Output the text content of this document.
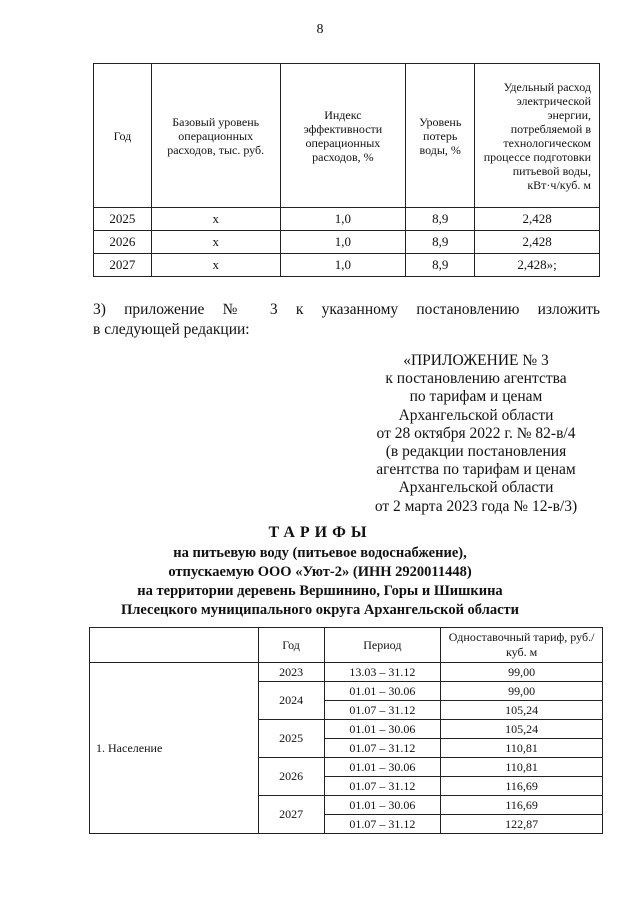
8
Год	Базовый уровень операционных расходов, тыс. руб.	Индекс эффективности операционных расходов, %	Уровень потерь воды, %	Удельный расход электрической энергии, потребляемой в технологическом процессе подготовки питьевой воды, кВт·ч/куб. м
2025	х	1,0	8,9	2,428
2026	х	1,0	8,9	2,428
2027	х	1,0	8,9	2,428»;
3) приложение № 3 к указанному постановлению изложить
в следующей редакции:
«ПРИЛОЖЕНИЕ № 3
к постановлению агентства
по тарифам и ценам
Архангельской области
от 28 октября 2022 г. № 82-в/4
(в редакции постановления
агентства по тарифам и ценам
Архангельской области
от 2 марта 2023 года № 12-в/3)
ТАРИФЫ
на питьевую воду (питьевое водоснабжение),
отпускаемую ООО «Уют-2» (ИНН 2920011448)
на территории деревень Вершинино, Горы и Шишкина
Плесецкого муниципального округа Архангельской области
	Год	Период	Одноставочный тариф, руб./куб. м
1. Население	2023	13.03 – 31.12	99,00
	2024	01.01 – 30.06	99,00
		01.07 – 31.12	105,24
	2025	01.01 – 30.06	105,24
		01.07 – 31.12	110,81
	2026	01.01 – 30.06	110,81
		01.07 – 31.12	116,69
	2027	01.01 – 30.06	116,69
		01.07 – 31.12	122,87
